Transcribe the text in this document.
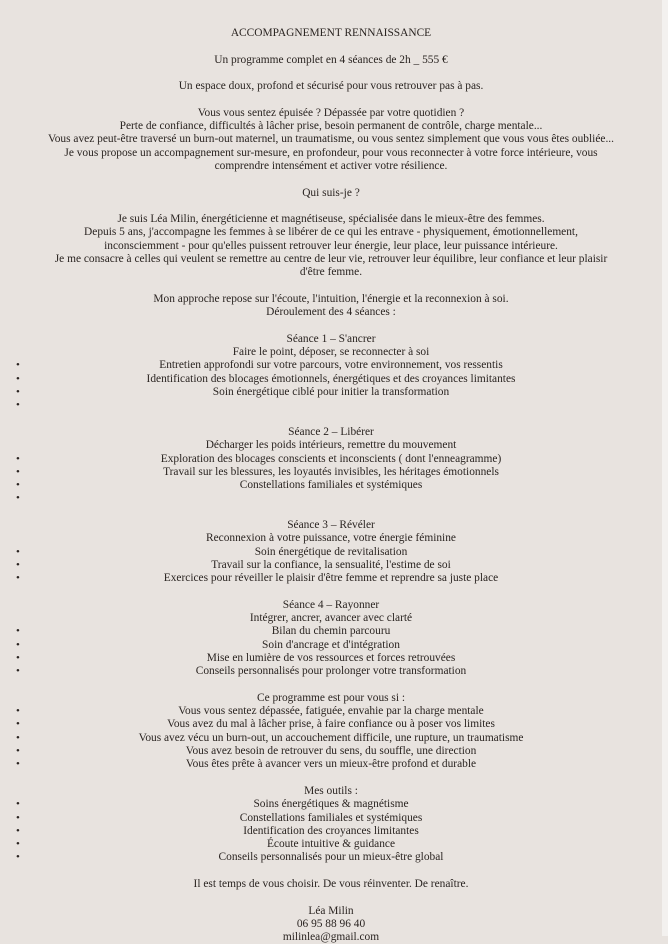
ACCOMPAGNEMENT RENNAISSANCE

Un programme complet en 4 séances de 2h _ 555 €

Un espace doux, profond et sécurisé pour vous retrouver pas à pas.

Vous vous sentez épuisée ? Dépassée par votre quotidien ?

Perte de confiance, difficultés à lâcher prise, besoin permanent de contrôle, charge mentale...

Vous avez peut-être traversé un burn-out maternel, un traumatisme, ou vous sentez simplement que vous vous êtes oubliée...

Je vous propose un accompagnement sur-mesure, en profondeur, pour vous reconnecter à votre force intérieure, vous

comprendre intensément et activer votre résilience.

Qui suis-je ?

Je suis Léa Milin, énergéticienne et magnétiseuse, spécialisée dans le mieux-être des femmes.

Depuis 5 ans, j'accompagne les femmes à se libérer de ce qui les entrave - physiquement, émotionnellement,

inconsciemment - pour qu'elles puissent retrouver leur énergie, leur place, leur puissance intérieure.

Je me consacre à celles qui veulent se remettre au centre de leur vie, retrouver leur équilibre, leur confiance et leur plaisir

d'être femme.

Mon approche repose sur l'écoute, l'intuition, l'énergie et la reconnexion à soi.

Déroulement des 4 séances :

Séance 1 – S'ancrer

Faire le point, déposer, se reconnecter à soi

•	Entretien approfondi sur votre parcours, votre environnement, vos ressentis
•	Identification des blocages émotionnels, énergétiques et des croyances limitantes
•	Soin énergétique ciblé pour initier la transformation
•

Séance 2 – Libérer

Décharger les poids intérieurs, remettre du mouvement

•	Exploration des blocages conscients et inconscients ( dont l'enneagramme)
•	Travail sur les blessures, les loyautés invisibles, les héritages émotionnels
•	Constellations familiales et systémiques
•

Séance 3 – Révéler

Reconnexion à votre puissance, votre énergie féminine

•	Soin énergétique de revitalisation
•	Travail sur la confiance, la sensualité, l'estime de soi
•	Exercices pour réveiller le plaisir d'être femme et reprendre sa juste place

Séance 4 – Rayonner

Intégrer, ancrer, avancer avec clarté

•	Bilan du chemin parcouru
•	Soin d'ancrage et d'intégration
•	Mise en lumière de vos ressources et forces retrouvées
•	Conseils personnalisés pour prolonger votre transformation

Ce programme est pour vous si :

•	Vous vous sentez dépassée, fatiguée, envahie par la charge mentale
•	Vous avez du mal à lâcher prise, à faire confiance ou à poser vos limites
•	Vous avez vécu un burn-out, un accouchement difficile, une rupture, un traumatisme
•	Vous avez besoin de retrouver du sens, du souffle, une direction
•	Vous êtes prête à avancer vers un mieux-être profond et durable

Mes outils :

•	Soins énergétiques & magnétisme
•	Constellations familiales et systémiques
•	Identification des croyances limitantes
•	Écoute intuitive & guidance
•	Conseils personnalisés pour un mieux-être global

Il est temps de vous choisir. De vous réinventer. De renaître.

Léa Milin

06 95 88 96 40

milinlea@gmail.com
